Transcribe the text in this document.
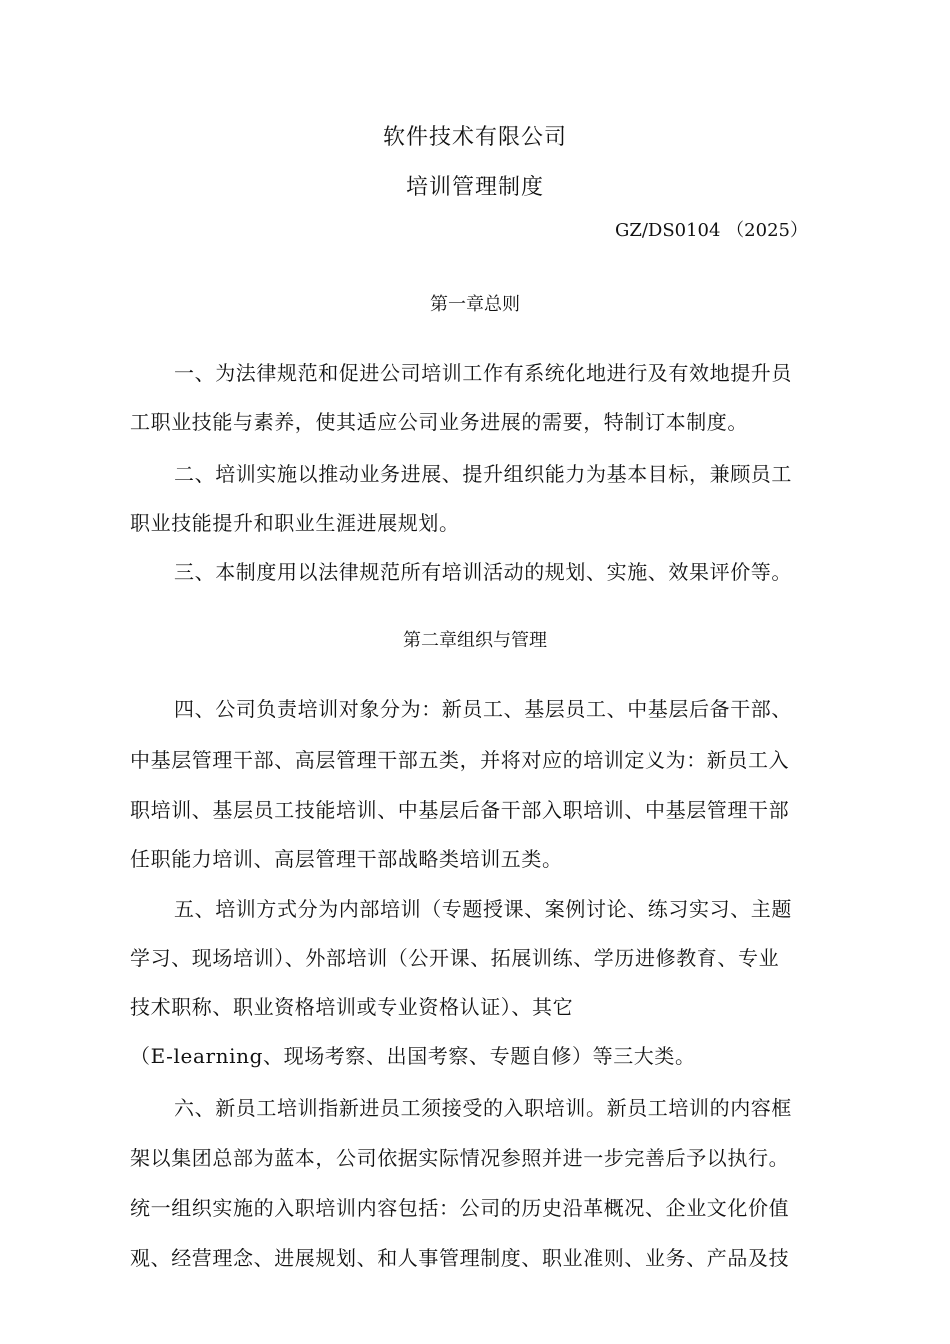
软件技术有限公司
培训管理制度
GZ/DS0104 （2025）
第一章总则
一、为法律规范和促进公司培训工作有系统化地进行及有效地提升员
工职业技能与素养，使其适应公司业务进展的需要，特制订本制度。
二、培训实施以推动业务进展、提升组织能力为基本目标，兼顾员工
职业技能提升和职业生涯进展规划。
三、本制度用以法律规范所有培训活动的规划、实施、效果评价等。
第二章组织与管理
四、公司负责培训对象分为：新员工、基层员工、中基层后备干部、
中基层管理干部、高层管理干部五类，并将对应的培训定义为：新员工入
职培训、基层员工技能培训、中基层后备干部入职培训、中基层管理干部
任职能力培训、高层管理干部战略类培训五类。
五、培训方式分为内部培训（专题授课、案例讨论、练习实习、主题
学习、现场培训）、外部培训（公开课、拓展训练、学历进修教育、专业
技术职称、职业资格培训或专业资格认证）、其它
（E-learning、现场考察、出国考察、专题自修）等三大类。
六、新员工培训指新进员工须接受的入职培训。新员工培训的内容框
架以集团总部为蓝本，公司依据实际情况参照并进一步完善后予以执行。
统一组织实施的入职培训内容包括：公司的历史沿革概况、企业文化价值
观、经营理念、进展规划、和人事管理制度、职业准则、业务、产品及技
